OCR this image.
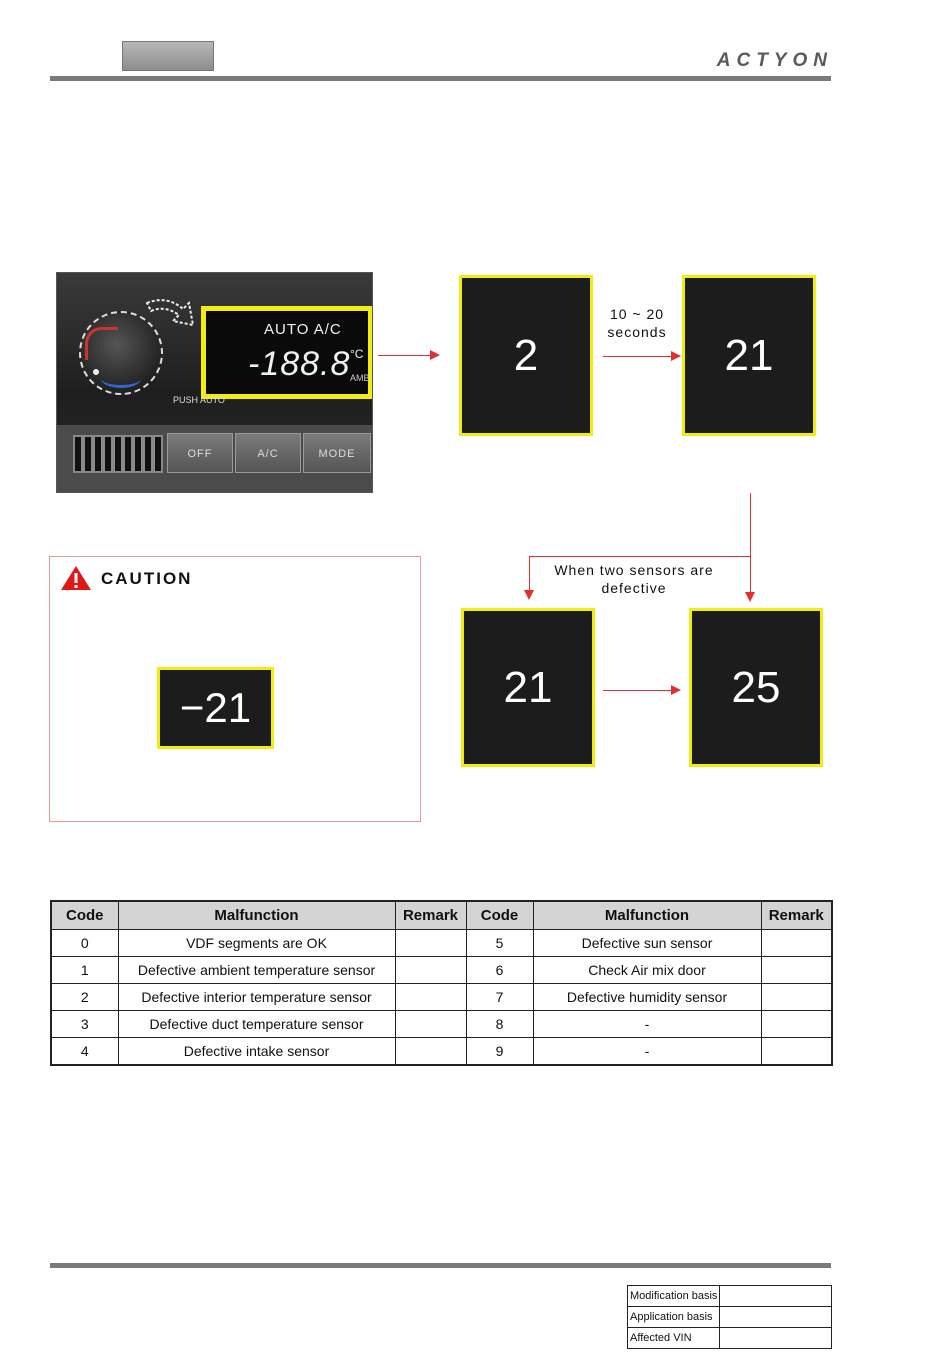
ACTYON
AUTO A/C
-188.8 °C
AMB
PUSH AUTO
OFF	A/C	MODE
2
10 ~ 20
seconds	21
When two sensors are
defective
21	25
CAUTION
−21
Code	Malfunction	Remark	Code	Malfunction	Remark
0	VDF segments are OK		5	Defective sun sensor	
1	Defective ambient temperature sensor		6	Check Air mix door	
2	Defective interior temperature sensor		7	Defective humidity sensor	
3	Defective duct temperature sensor		8	-	
4	Defective intake sensor		9	-	
Modification basis	
Application basis	
Affected VIN	
